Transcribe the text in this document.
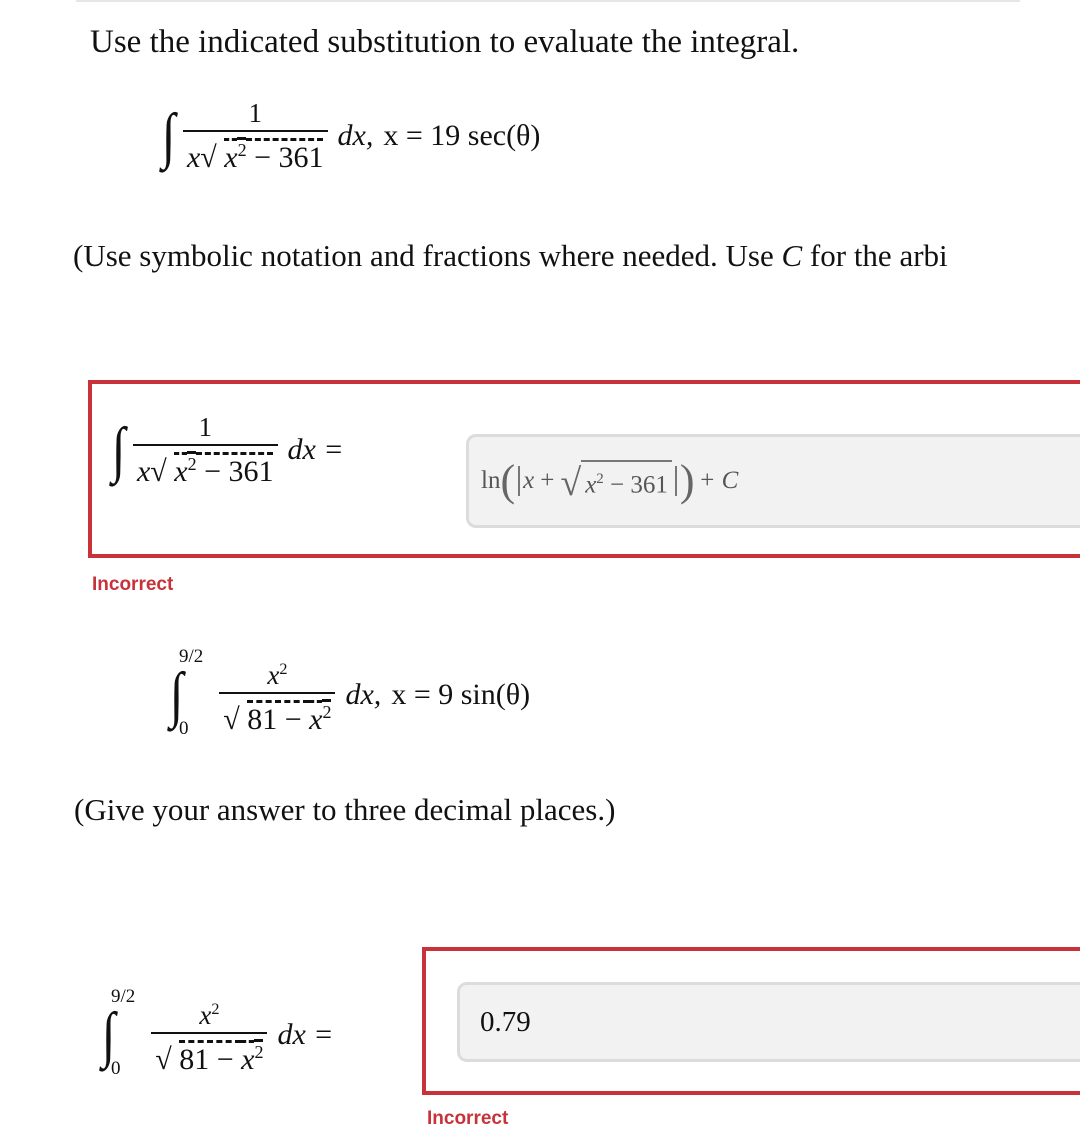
Use the indicated substitution to evaluate the integral.
∫ $\frac{1}{x√ x^2 - 361}$ dx, x = 19 sec(θ)
(Use symbolic notation and fractions where needed. Use C for the arbi
∫ $\frac{1}{x√ x^2 - 361}$ dx =
ln ( x + √ $x^2 - 361$ ) + C
Incorrect
∫
9/2
0	$\frac{x^2}{√ 81 - x^2}$ dx, x = 9 sin(θ)
(Give your answer to three decimal places.)
∫
9/2
0	$\frac{x^2}{√ 81 - x^2}$ dx =	0.79
Incorrect
